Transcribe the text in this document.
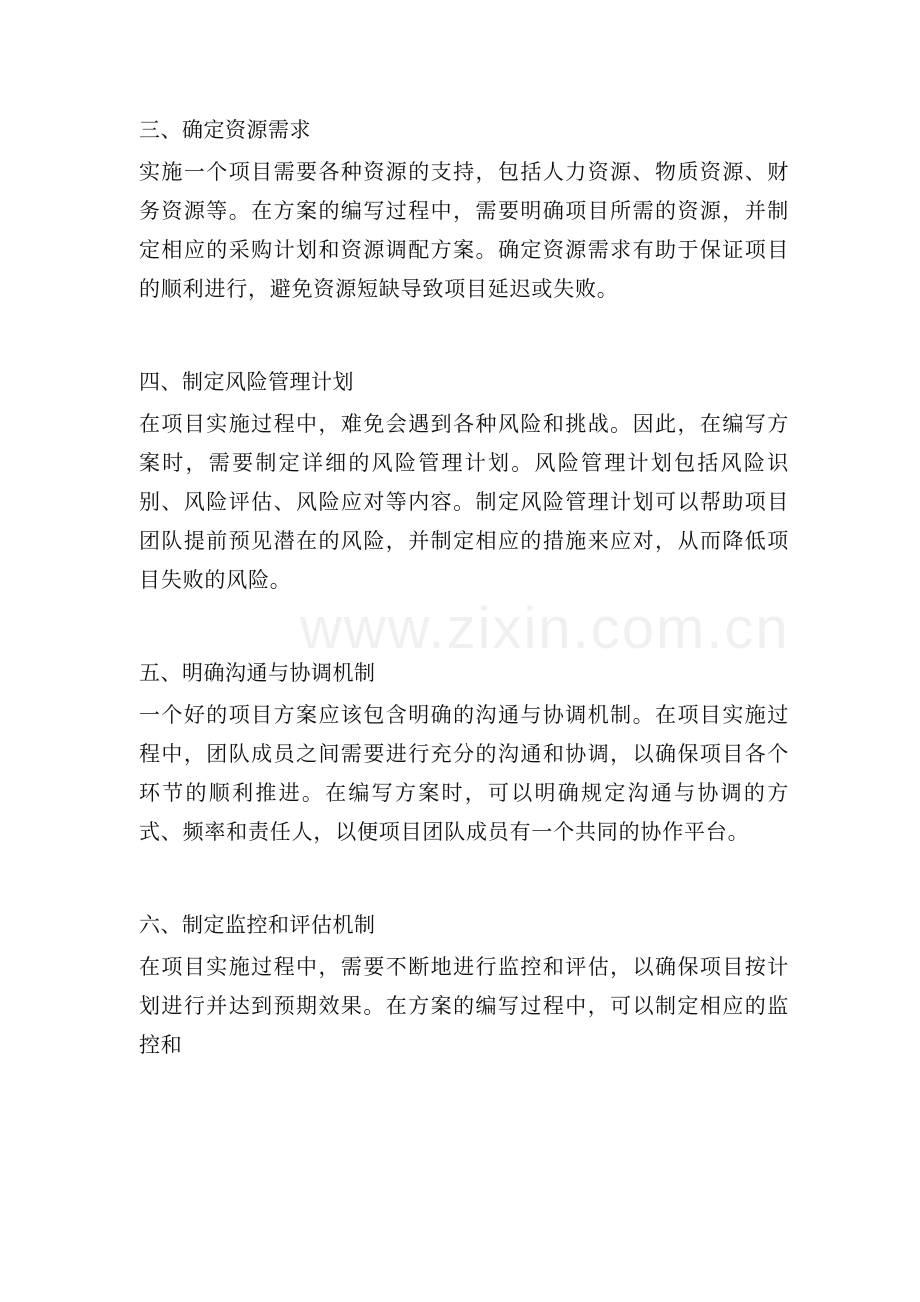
三、确定资源需求

实施一个项目需要各种资源的支持，包括人力资源、物质资源、财务资源等。在方案的编写过程中，需要明确项目所需的资源，并制定相应的采购计划和资源调配方案。确定资源需求有助于保证项目的顺利进行，避免资源短缺导致项目延迟或失败。

四、制定风险管理计划

在项目实施过程中，难免会遇到各种风险和挑战。因此，在编写方案时，需要制定详细的风险管理计划。风险管理计划包括风险识别、风险评估、风险应对等内容。制定风险管理计划可以帮助项目团队提前预见潜在的风险，并制定相应的措施来应对，从而降低项目失败的风险。

五、明确沟通与协调机制

一个好的项目方案应该包含明确的沟通与协调机制。在项目实施过程中，团队成员之间需要进行充分的沟通和协调，以确保项目各个环节的顺利推进。在编写方案时，可以明确规定沟通与协调的方式、频率和责任人，以便项目团队成员有一个共同的协作平台。

六、制定监控和评估机制

在项目实施过程中，需要不断地进行监控和评估，以确保项目按计划进行并达到预期效果。在方案的编写过程中，可以制定相应的监控和

www.zixin.com.cn
